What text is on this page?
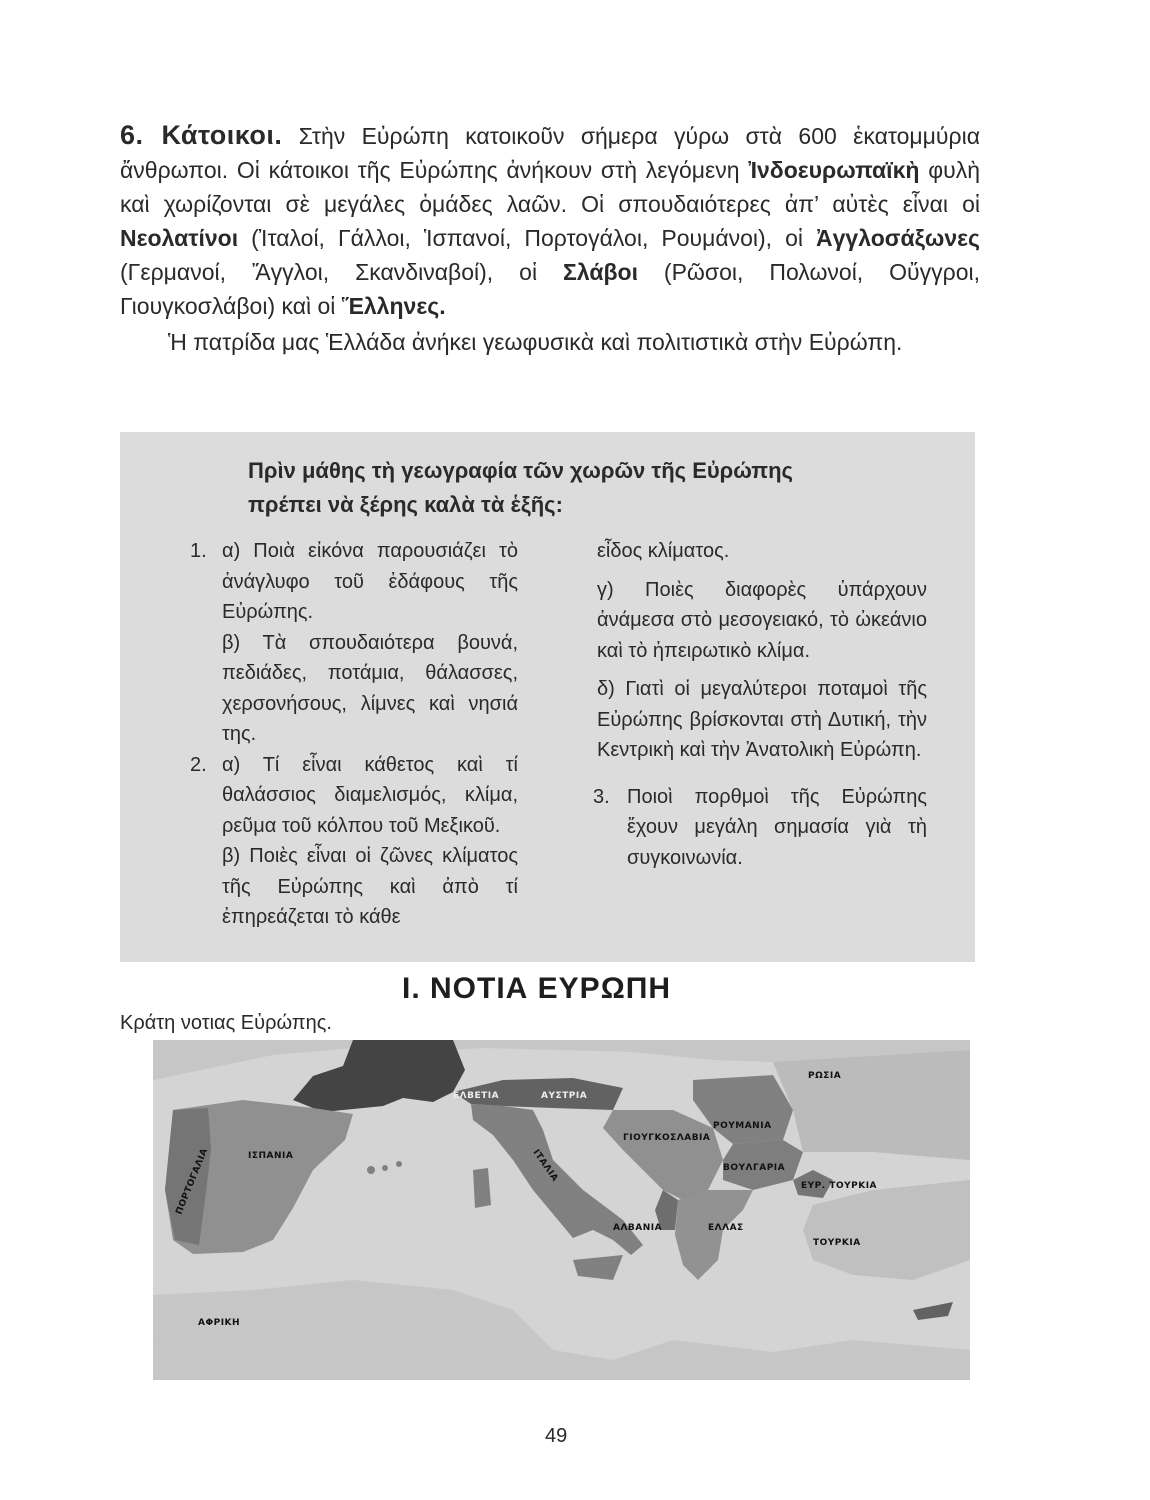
6. Κάτοικοι. Στὴν Εὐρώπη κατοικοῦν σήμερα γύρω στὰ 600 ἑκατομμύρια ἄνθρωποι. Οἱ κάτοικοι τῆς Εὐρώπης ἀνήκουν στὴ λεγόμενη Ἰνδοευρωπαϊκὴ φυλὴ καὶ χωρίζονται σὲ μεγάλες ὁμάδες λαῶν. Οἱ σπουδαιότερες ἀπ’ αὐτὲς εἶναι οἱ Νεολατίνοι (Ἰταλοί, Γάλλοι, Ἱσπανοί, Πορτογάλοι, Ρουμάνοι), οἱ Ἀγγλοσάξωνες (Γερμανοί, Ἄγγλοι, Σκανδιναβοί), οἱ Σλάβοι (Ρῶσοι, Πολωνοί, Οὔγγροι, Γιουγκοσλάβοι) καὶ οἱ Ἕλληνες.

Ἡ πατρίδα μας Ἑλλάδα ἀνήκει γεωφυσικὰ καὶ πολιτιστικὰ στὴν Εὐρώπη.

Πρὶν μάθης τὴ γεωγραφία τῶν χωρῶν τῆς Εὐρώπης
πρέπει νὰ ξέρης καλὰ τὰ ἑξῆς:
1. α) Ποιὰ εἰκόνα παρουσιάζει τὸ ἀνάγλυφο τοῦ ἐδάφους τῆς Εὐρώπης.
β) Τὰ σπουδαιότερα βουνά, πεδιάδες, ποτάμια, θάλασσες, χερσονήσους, λίμνες καὶ νησιά της.
2. α) Τί εἶναι κάθετος καὶ τί θαλάσσιος διαμελισμός, κλίμα, ρεῦμα τοῦ κόλπου τοῦ Μεξικοῦ.
β) Ποιὲς εἶναι οἱ ζῶνες κλίματος τῆς Εὐρώπης καὶ ἀπὸ τί ἐπηρεάζεται τὸ κάθε
εἶδος κλίματος.
γ) Ποιὲς διαφορὲς ὑπάρχουν ἀνάμεσα στὸ μεσογειακό, τὸ ὠκεάνιο καὶ τὸ ἠπειρωτικὸ κλίμα.
δ) Γιατὶ οἱ μεγαλύτεροι ποταμοὶ τῆς Εὐρώπης βρίσκονται στὴ Δυτική, τὴν Κεντρικὴ καὶ τὴν Ἀνατολικὴ Εὐρώπη.
3. Ποιοὶ πορθμοὶ τῆς Εὐρώπης ἔχουν μεγάλη σημασία γιὰ τὴ συγκοινωνία.
I. ΝΟΤΙΑ ΕΥΡΩΠΗ
Κράτη νοτιας Εὐρώπης.
ΠΟΡΤΟΓΑΛΙΑ	ΙΣΠΑΝΙΑ
ΕΛΒΕΤΙΑ	ΑΥΣΤΡΙΑ
ΙΤΑΛΙΑ
ΓΙΟΥΓΚΟΣΛΑΒΙΑ
ΡΟΥΜΑΝΙΑ
ΡΩΣΙΑ
ΒΟΥΛΓΑΡΙΑ
ΕΥΡ. ΤΟΥΡΚΙΑ
ΑΛΒΑΝΙΑ	ΕΛΛΑΣ
ΤΟΥΡΚΙΑ
ΑΦΡΙΚΗ
49
